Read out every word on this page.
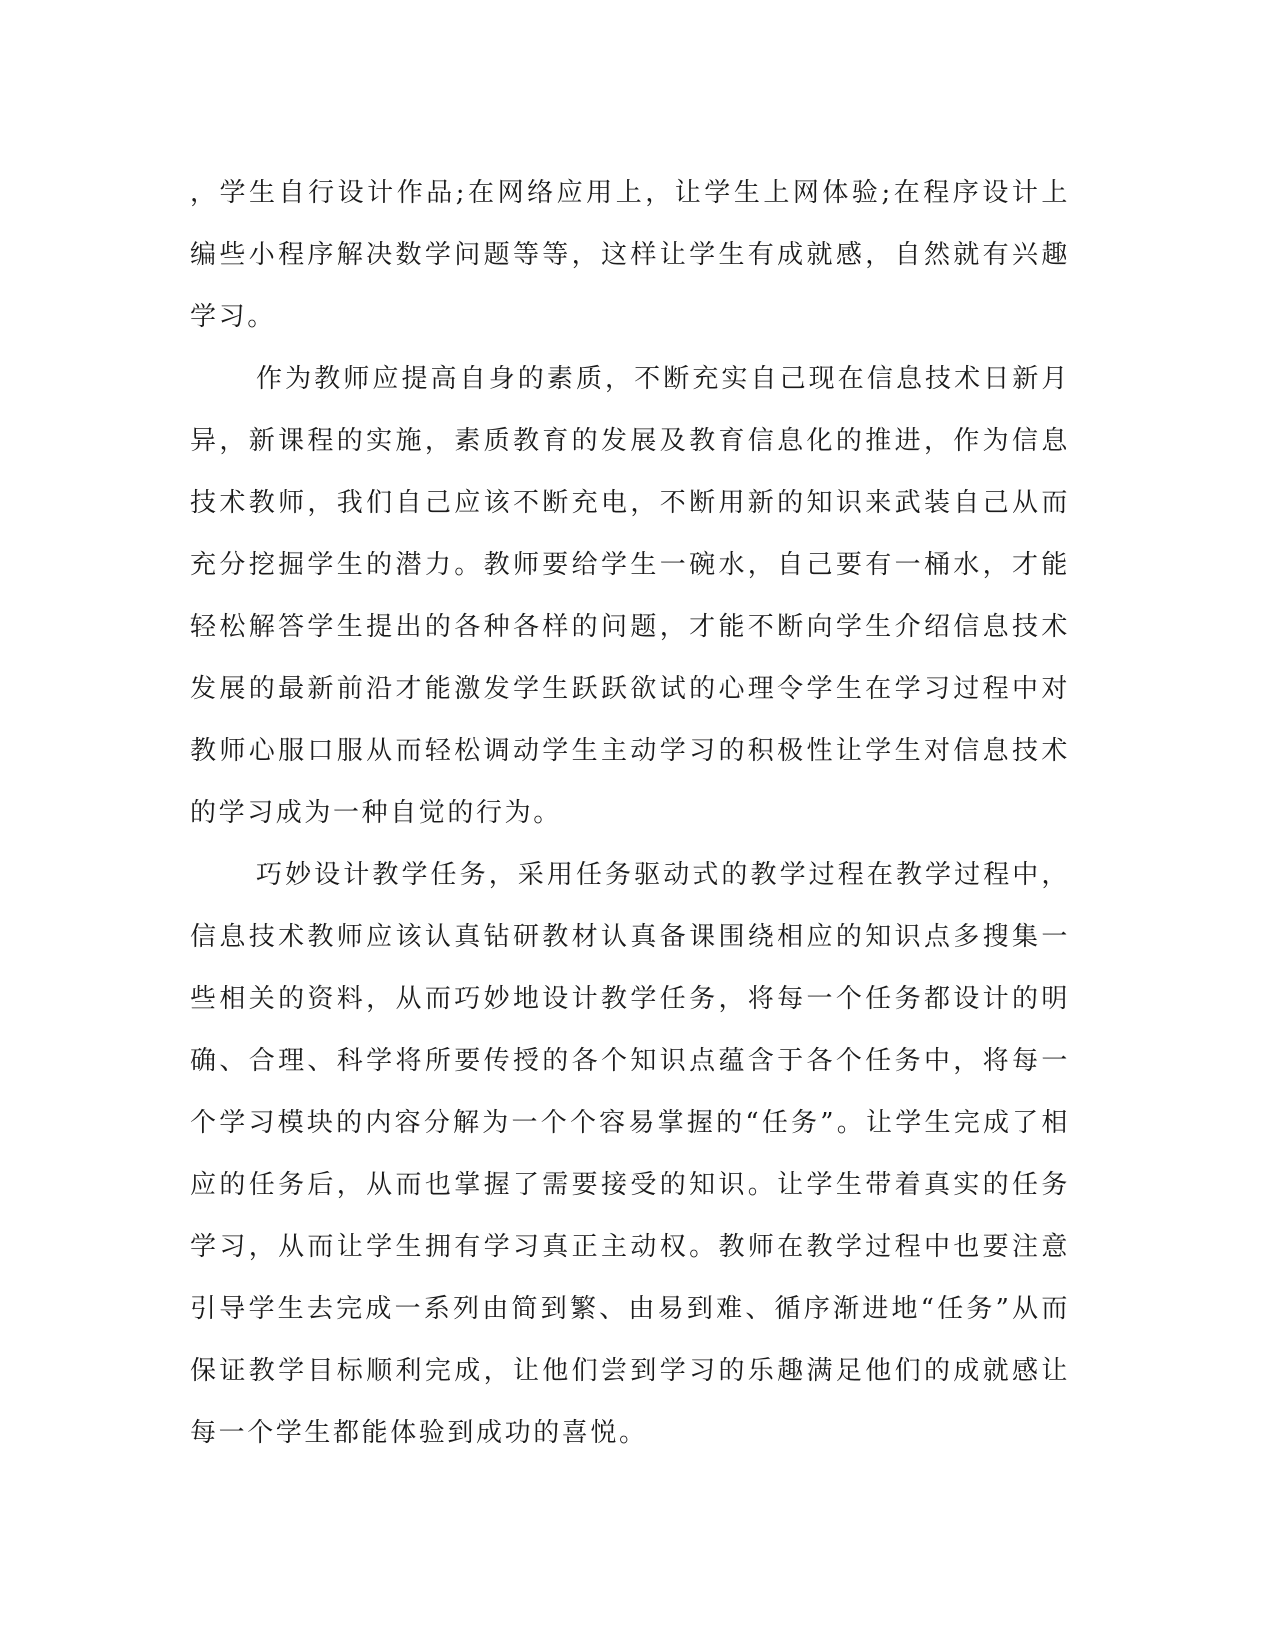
，学生自行设计作品;在网络应用上，让学生上网体验;在程序设计上编些小程序解决数学问题等等，这样让学生有成就感，自然就有兴趣学习。

作为教师应提高自身的素质，不断充实自己现在信息技术日新月异，新课程的实施，素质教育的发展及教育信息化的推进，作为信息技术教师，我们自己应该不断充电，不断用新的知识来武装自己从而充分挖掘学生的潜力。教师要给学生一碗水，自己要有一桶水，才能轻松解答学生提出的各种各样的问题，才能不断向学生介绍信息技术发展的最新前沿才能激发学生跃跃欲试的心理令学生在学习过程中对教师心服口服从而轻松调动学生主动学习的积极性让学生对信息技术的学习成为一种自觉的行为。

巧妙设计教学任务，采用任务驱动式的教学过程在教学过程中，信息技术教师应该认真钻研教材认真备课围绕相应的知识点多搜集一些相关的资料，从而巧妙地设计教学任务，将每一个任务都设计的明确、合理、科学将所要传授的各个知识点蕴含于各个任务中，将每一个学习模块的内容分解为一个个容易掌握的“任务”。让学生完成了相应的任务后，从而也掌握了需要接受的知识。让学生带着真实的任务学习，从而让学生拥有学习真正主动权。教师在教学过程中也要注意引导学生去完成一系列由简到繁、由易到难、循序渐进地“任务”从而保证教学目标顺利完成，让他们尝到学习的乐趣满足他们的成就感让每一个学生都能体验到成功的喜悦。
